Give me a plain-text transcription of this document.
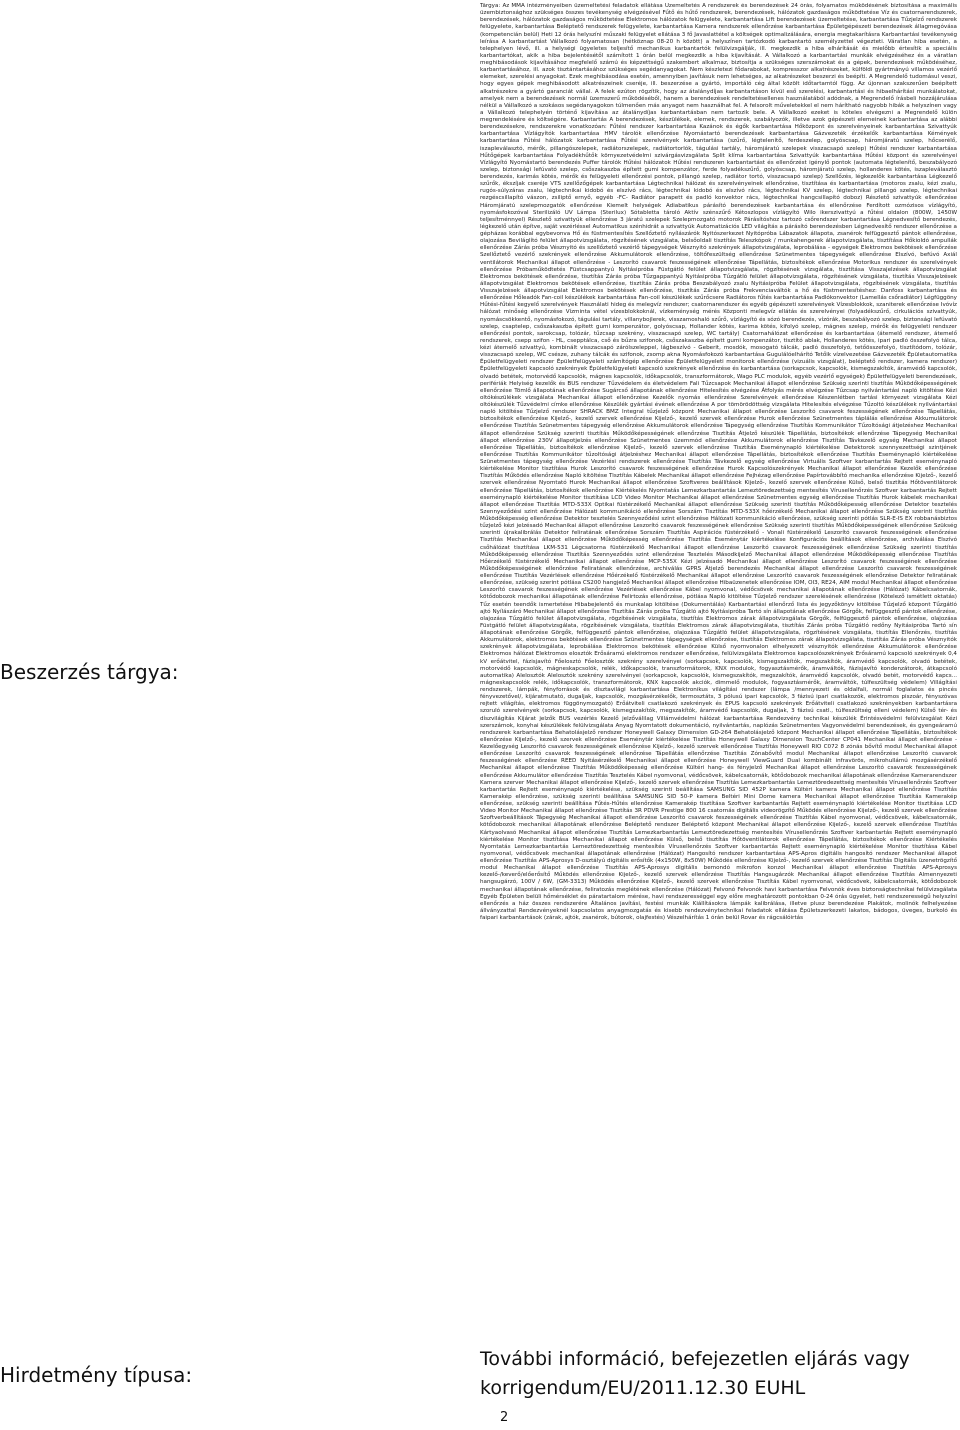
Beszerzés tárgya:
Tárgya: Az MMA intézményeiben üzemeltetési feladatok ellátása Üzemeltetés A rendszerek és berendezések 24 órás, folyamatos működésének biztosítása a maximális üzembiztonsághoz szükséges összes tevékenység elvégzésével Fűtő és hűtő rendszerek, berendezések, hálózatok gazdaságos működtetése Víz és csatornarendszerek, berendezések, hálózatok gazdaságos működtetése Elektromos hálózatok felügyelete, karbantartása Lift berendezések üzemeltetése, karbantartása Tűzjelző rendszerek felügyelete, karbantartása Beléptető rendszerek felügyelete, karbantartása Kamera rendszerek ellenőrzése karbantartása Épületgépészeti berendezések állagmegóvása (kompetencián belül) Heti 12 órás helyszíni műszaki felügyelet ellátása 3 fő Javaslattétel a költségek optimalizálására, energia megtakarításra Karbantartási tevékenység leírása A karbantartást Vállalkozó folyamatosan (hétköznap 08-20 h között) a helyszínen tartózkodó karbantartó személyzettel végezteti. Váratlan hiba esetén, a telephelyen lévő, ill. a helységi ügyeletes teljesítő mechanikus karbantartók felülvizsgálják, ill. megkezdik a hiba elhárítását és mielőbb értesítik a speciális karbantartókat, akik a hiba bejelentésétől számított 1 órán belül megkezdik a hiba kijavítását. A Vállalkozó a karbantartási munkák elvégzéséhez és a váratlan meghibásodások kijavításához megfelelő számú és képzettségű szakembert alkalmaz, biztosítja a szükséges szerszámokat és a gépek, berendezések működéséhez, karbantartásához, ill. azok tisztántartásához szükséges segédanyagokat. Nem készletezi fődarabokat, kompresszor alkatrészeket, külföldi gyártmányú villamos vezérlő elemeket, szerelési anyagokat. Ezek meghibásodása esetén, amennyiben javításuk nem lehetséges, az alkatrészeket beszerzi és beépíti. A Megrendelő tudomásul veszi, hogy egyes gépek meghibásodott alkatrészeinek cseréje, ill. beszerzése a gyártó, importáló cég által közölt időtartamtól függ. Az újonnan szakszerűen beépített alkatrészekre a gyártó garanciát vállal. A felek ezúton rögzítik, hogy az átalánydíjas karbantartáson kívül eső szerelési, karbantartási és hibaelhárítási munkálatokat, amelyek nem a berendezések normál üzemszerű működéséből, hanem a berendezések rendeltetésellenes használatából adódnak, a Megrendelő írásbeli hozzájárulása nélkül a Vállalkozó a szokásos segédanyagokon túlmenően más anyagot nem használhat fel. A felsorolt műveletekkel el nem hárítható nagyobb hibák a helyszínen vagy a Vállalkozó telephelyén történő kijavítása az átalánydíjas karbantartásban nem tartozik bele. A Vállalkozó ezeket is köteles elvégezni a Megrendelő külön megrendelésére és költségére. Karbantartás A berendezések, készülékek, elemek, rendszerek, szabályozók, illetve azok gépészeti elemeinek karbantartása az alábbi berendezésekre, rendszerekre vonatkozóan: Fűtési rendszer karbantartása Kazánok és égők karbantartása Hőközpont és szerelvényeinek karbantartása Szivattyúk karbantartása Vízlágyítók karbantartása HMV tárolók ellenőrzése Nyomástartó berendezések karbantartása Gázvezeték érzékelők karbantartása Kémények karbantartása Fűtési hálózatok karbantartása Fűtési szerelvények karbantartása (szűrő, légtelenítő, ferdeszelep, golyóscsap, háromjáratú szelep, hőcserélő, iszapleválasztó, mérők, pillangószelepek, radiátorszelepek, radiátortorlók, tágulási tartály, háromjáratú szelepek visszacsapó szelep) Hűtési rendszer karbantartása Hűtőgépek karbantartása Folyadékhűtők környezetvédelmi szivárgásvizsgálata Split klíma karbantartása Szivattyúk karbantartása Hűtési központ és szerelvényei Vízlágyító Nyomástartó berendezés Puffer tárolók Hűtési hálózatok Hűtési rendszeren karbantartást és ellenőrzést igénylő pontok (automata légtelenítő, beszabályozó szelep, biztonsági lefúvató szelep, csőszakaszba épített gumi kompenzátor, ferde folyadékszűrő, golyóscsap, háromjáratú szelep, hollanderes kötés, iszapleválasztó berendezés, karimás kötés, mérők és felügyeleti ellenőrzési pontok, pillangó szelep, radiátor tortó, visszacsapó szelep) Szellőzés, légkezelők karbantartása Légkezelő szűrők, ékszíjak cseréje VTS szellőzőgépek karbantartása Légtechnikai hálózat és szerelvényeinek ellenőrzése, tisztítása és karbantartása (motoros zsalu, kézi zsalu, rugós-súlyzáras zsalu, légtechnikai kidobó és elszívó rács, légtechnikai kidobó és elszívó rács, légtechnikai KV szelep, légtechnikai pillangó szelep, légtechnikai rezgéscsillapító vászon, zsiliptő ernyő, egyéb -FC- Radiátor parapett és padló konvektor rács, légtechnikai hangcsillapító doboz) Részlető szivattyúk ellenőrzése Háromjáratú szelepmozgatók ellenőrzése Kiemelt helységek Adiabatikus párásító berendezések karbantartása és ellenőrzése Ferdított ozmózisos vízlágyító, nyomásfokozóval Sterilizáló UV Lámpa (Sterilux) Sótabletta tároló Aktív szénszűrő Kétoszlopos vízlágyító Wilo ikerszivattyú a fűtési oldalon (800W, 1450W teljesítménnyel) Részlető szivattyúk ellenőrzése 3 járatú szelepek Szelepmozgató motorok Párásítóshoz tartozó csőrendszer karbantartása Légnedvesítő berendezés, légkezelő után építve, saját vezérléssel Automatikus szénhidrát a szivattyúk Automatizációs LED világítás a párásító berendezésben Légnedvesítő rendszer ellenőrzése a gépházas korábbal egybevonva Hő és füstmentesítés Szellőztető nyílászárók Nyitószerkezet Nyitópróba Lábazatok állapota, zsanérok felfüggesztő pántok ellenőrzése, olajozása Beviláglító felület állapotvizsgálata, rögzítésének vizsgálata, belsőoldali tisztítás Teleszkópok / munkahengerek állapotvizsgálata, tisztítása Hőkioldó ampullák ellenőrzése Zárás próba Vésznyitó és szellőztető vezérlő tápegységek Vésznyitó szekrények állapotvizsgálata, leprobálása - egységek Elektromos bekötések ellenőrzése Szellőztető vezérlő szekrények ellenőrzése Akkumulátorok ellenőrzése, töltőfeszültség ellenőrzése Szünetmentes tápegységek ellenőrzése Elszívó, befúvó Axiál ventilátorok Mechanikai állapot ellenőrzése - Leszorító csavarok feszességének ellenőrzése Tápellátás, biztosítékok ellenőrzése Motorikus rendszer és szerelvények ellenőrzése Próbaműködtetés Füstcsappantyú Nyitásipróba Füstgátló felület állapotvizsgálata, rögzítésének vizsgálata, tisztítása Visszajelzések állapotvizsgálat Elektromos bekötések ellenőrzése, tisztítás Zárás próba Tűzgappantyú Nyitásipróba Tűzgátló felület állapotvizsgálata, rögzítésének vizsgálata, tisztítás Visszajelzések állapotvizsgálat Elektromos bekötések ellenőrzése, tisztítás Zárás próba Beszabályozó zsalu Nyitásipróba Felület állapotvizsgálata, rögzítésének vizsgálata, tisztítás Visszajelzések állapotvizsgálat Elektromos bekötések ellenőrzése, tisztítás Zárás próba Frekvenciaváltók a hő és füstmentesítéshez: Danfoss karbantartása és ellenőrzése Hőleadók Fan-coil készülékek karbantartása Fan-coil készülékek szűrőcsere Radiátoros fűtés karbantartása Padlókonvektor (Lamellás csőradiátor) Légfüggöny Hűtési-fűtési kegyelő szerelvények Használati hideg és melegvíz rendszer; csatornarendszer és egyéb gépészeti szerelvények Vízesblokkok, szaniterek ellenőrzése Ivóvíz hálózat minőség ellenőrzése Vízminta vétel vízesblokkoknál, vízkeménység mérés Központi melegvíz ellátás és szerelvényei (folyadékszűrő, cirkulációs szivattyúk, nyomáscsökkentő, nyomásfokozó, tágulási tartály, villanybojlerek, visszamoshaló szűrő, vízlágyító és sózó berendezés, vízórák, beszabályozó szelep, biztonsági lefúvató szelep, csaptelep, csőszakaszba épített gumi kompenzátor, golyóscsap, Hollander kötés, karima kötés, kifolyó szelep, mágnes szelep, mérők és felügyeleti rendszer ellenőrzési pontok, sarokcsap, tolózár, tűzcsap szekrény, visszacsapó szelep, WC tartály) Csatornahálózat ellenőrzése és karbantartása (átemelő rendszer, átemelő rendszerek, csepp szifon - HL, csepptálca, cső és bűzra szifonok, csőszakaszba épített gumi kompenzátor, tisztító ablak, Hollanderes kötés, ipari padló összefolyó tálca, kézi átemelő szivattyú, kombinált visszacsapó zárólszeleppel, lágbeszívó - Geberit, mosdók, mosogató tálcák, padló összefolyó, tetőösszefolyó, tisztítódom, tolózár, visszacsapó szelep, WC csésze, zuhany tálcák és szifonok, zsomp akna Nyomásfokozó karbantartása Gugulálóelhárító Tetőik vízelvezetése Gázvezeték Épületautomatika Épületfelügyeleti rendszer Épületfelügyeleti számítógép ellenőrzése Épületfelügyeleti monitorok ellenőrzése (vizuális vizsgálat), beléptető rendszer, kamera rendszer) Épületfelügyeleti kapcsoló szekrények Épületfelügyeleti kapcsoló szekrények ellenőrzése és karbantartása (sorkapcsok, kapcsolók, kismegszakítók, áramvédő kapcsolók, olvadó betétek, motorvédő kapcsolók, mágnes kapcsolók, időkapcsolók, transzformátorok, Wago PLC modulok, egyéb vezérlő egységek) Épületfelügyeleti berendezések, perifériák Helyiség kezelők és BUS rendszer Tűzvédelem és életvédelem Fali Tűzcsapok Mechanikai állapot ellenőrzése Szükség szerinti tisztítás Működőképességének ellenőrzése Tömlő állapotának ellenőrzése Sugárcső állapotának ellenőrzése Hitelesítés elvégzése Átfolyás mérés elvégzése Tűzcsap nyilvántartási napló kitöltése Kézi oltókészülékek vizsgálata Mechanikai állapot ellenőrzése Kezelők nyomás ellenőrzése Szerelvények ellenőrzése Készenlétben tartási környezet vizsgálata Kézi oltókészülék Tűzvédelmi címke ellenőrzése Készülék gyártási évének ellenőrzése A por tömörödöttség vizsgálata Hitelesítés elvégzése Tűzoltó készülékek nyilvántartási napló kitöltése Tűzjelző rendszer SHRACK BMZ Integral tűzjelző központ Mechanikai állapot ellenőrzése Leszorító csavarok feszességének ellenőrzése Tápellátás, biztosítékok ellenőrzése Kijelző-, kezelő szervek ellenőrzése Kijelző-, kezelő szervek ellenőrzése Hurok ellenőrzése Szünetmentes táplálás ellenőrzése Akkumulátorok ellenőrzése Tisztítás Szünetmentes tápegység ellenőrzése Akkumulátorok ellenőrzése Tápegység ellenőrzése Tisztítás Kommunikátor Tűzoltósági átjelzéshez Mechanikai állapot ellenőrzése Szükség szerinti tisztítás Működőképességének ellenőrzése Tisztítás Átjelző készülék Tápellátás, biztosítékok ellenőrzése Tápegység Mechanikai állapot ellenőrzése 230V állapotjelzés ellenőrzése Szünetmentes üzemmód ellenőrzése Akkumulátorok ellenőrzése Tisztítás Távkezelő egység Mechanikai állapot ellenőrzése Tápellátás, biztosítékok ellenőrzése Kijelző-, kezelő szervek ellenőrzése Tisztítás Eseménynapló kiértékelése Detektorok szennyezettségi szintjének ellenőrzése Tisztítás Kommunikátor tűzoltósági átjelzéshez Mechanikai állapot ellenőrzése Tápellátás, biztosítékok ellenőrzése Tisztítás Eseménynapló kiértékelése Szünetmentes tápegység ellenőrzése Vezérlési rendszerek ellenőrzése Tisztítás Távkezelő egység ellenőrzése Virtuális Szoftver karbantartás Rejtett eseménynapló kiértékelése Monitor tisztítása Hurok Leszorító csavarok feszességének ellenőrzése Hurok Kapcsolószekrények Mechanikai állapot ellenőrzése Kezelők ellenőrzése Tisztítás Működés ellenőrzése Napló kitöltése Tisztítás Kábelek Mechanikai állapot ellenőrzése Fejhézag ellenőrzése Papírtovábbító mechanika ellenőrzése Kijelző-, kezelő szervek ellenőrzése Nyomtató Hurok Mechanikai állapot ellenőrzése Szoftveres beállítások Kijelző-, kezelő szervek ellenőrzése Külső, belső tisztítás Hőtöventilátorok ellenőrzése Tápellátás, biztosítékok ellenőrzése Kiértékelés Nyomtatás Lemezkarbantartás Lemeztöredezettség mentesítés Vírusellenőrzés Szoftver karbantartás Rejtett eseménynapló kiértékelése Monitor tisztítása LCD Video Monitor Mechanikai állapot ellenőrzése Szünetmentes egység ellenőrzése Tisztítás Hurok kábelek mechanikai állapot ellenőrzése Tisztítás MTD-533X Optikai füstérzékelő Mechanikai állapot ellenőrzése Szükség szerinti tisztítás Működőképesség ellenőrzése Detektor tesztelés Szennyeződési szint ellenőrzése Hálózati kommunikáció ellenőrzése Sorszám Tisztítás MTD-533X hőérzékelő Mechanikai állapot ellenőrzése Szükség szerinti tisztítás Működőképesség ellenőrzése Detektor tesztelés Szennyeződési szint ellenőrzése Hálózati kommunikáció ellenőrzése, szükség szerinti pótlás SLR-E-IS EX robbanásbiztos tűzjelző kézi jelzésadó Mechanikai állapot ellenőrzése Leszorító csavarok feszességének ellenőrzése Szükség szerinti tisztítás Működőképességének ellenőrzése Szükség szerinti újrakalibrálás Detektor feliratának ellenőrzése Sorszám Tisztítás Aspirációs füstérzékelő - Vonali füstérzékelő Leszorító csavarok feszességének ellenőrzése Tisztítás Mechanikai állapot ellenőrzése Működőképesség ellenőrzése Tisztítás Eseménytár kiértékelése Konfigurációs beállítások ellenőrzése, archiválása Elszívó csőhálózat tisztítása LKM-531 Légcsatorna füstérzékelő Mechanikai állapot ellenőrzése Leszorító csavarok feszességének ellenőrzése Szükség szerinti tisztítás Működőképesség ellenőrzése Tisztítás Szennyeződés szint ellenőrzése Tesztelés Másodkijelző Mechanikai állapot ellenőrzése Működőképesség ellenőrzése Tisztítás Hőérzékelő füstérzékelő Mechanikai állapot ellenőrzése MCP-535X Kézi jelzésadó Mechanikai állapot ellenőrzése Leszorító csavarok feszességének ellenőrzése Működőképességének ellenőrzése Feliratának ellenőrzése, archiválás GPRS Átjelző berendezés Mechanikai állapot ellenőrzése Leszorító csavarok feszességének ellenőrzése Tisztítás Vezérlések ellenőrzése Hőérzékelő füstérzékelő Mechanikai állapot ellenőrzése Leszorító csavarok feszességének ellenőrzése Detektor feliratának ellenőrzése, szükség szerint pótlása CS200 hangjelző Mechanikai állapot ellenőrzése Hibaüzenetek ellenőrzése IOM, OI3, RE24, AIM modul Mechanikai állapot ellenőrzése Leszorító csavarok feszességének ellenőrzése Vezérlések ellenőrzése Kábel nyomvonal, védőcsövek mechanikai állapotának ellenőrzése (Hálózat) Kábelcsatornák, kötődobozok mechanikai állapotának ellenőrzése Felirtozás ellenőrzése, pótlása Napló kitöltése Tűzjelző rendszer szerelésének ellenőrzése (Kötelező ismétlett oktatás) Tűz esetén teendők ismertetése Hibabejelentő és munkalap kitöltése (Dokumentálás) Karbantartási ellenőrző lista és jegyzőkönyv kitöltése Tűzjelző központ Tűzgátló ajtó Nyílászáró Mechanikai állapot ellenőrzése Tisztítás Zárás próba Tűzgátló ajtó Nyitásipróba Tartó sín állapotának ellenőrzése Görgők, felfüggesztő pántok ellenőrzése, olajozása Tűzgátló felület állapotvizsgálata, rögzítésének vizsgálata, tisztítás Elektromos zárak állapotvizsgálata Görgők, felfüggesztő pántok ellenőrzése, olajozása Füstgátló felület állapotvizsgálata, rögzítésének vizsgálata, tisztítás Elektromos zárak állapotvizsgálata, tisztítás Zárás próba Tűzgátló redőny Nyitásipróba Tartó sín állapotának ellenőrzése Görgők, felfüggesztő pántok ellenőrzése, olajozása Tűzgátló felület állapotvizsgálata, rögzítésének vizsgálata, tisztítás Ellenőrzés, tisztítás Akkumulátorok, elektromos bekötések ellenőrzése Szünetmentes tápegységek ellenőrzése, tisztítás Elektromos zárak állapotvizsgálata, tisztítás Zárás próba Vésznyitók szekrények állapotvizsgálata, leprobálása Elektromos bekötések ellenőrzése Külső nyomvonalon elhelyezett vésznyitók ellenőrzése Akkumulátorok ellenőrzése Elektromos hálózat Elektromos elosztók Erősáramú elektromos rendszer ellenőrzése, felülvizsgálata Elektromos kapcsolószekrények Erősáramú kapcsoló szekrények 0,4 kV erőátvitel, fázisjavító Főelosztó Főelosztók szekrény szerelvényei (sorkapcsok, kapcsolók, kismegszakítók, megszakítók, áramvédő kapcsolók, olvadó betétek, motorvédő kapcsolók, mágneskapcsolók, relék, időkapcsolók, transzformátorok, KNX modulok, fogyasztásmérők, áramváltók, fázisjavító kondenzátorok, átkapcsoló automatika) Alelosztók Alelosztók szekrény szerelvényei (sorkapcsok, kapcsolók, kismegszakítók, megszakítók, áramvédő kapcsolók, olvadó betét, motorvédő kapcs... mágneskapcsolók relék, időkapcsolók, transzformátorok, KNX kapcsolók akciók, dimmelő modulok, fogyasztásmérők, áramváltók, túlfeszültség védelem) Villágítási rendszerek, lámpák, fényforrások és dísztavilági karbantartása Elektronikus világítási rendszer (lámpa /mennyezeti és oldalfali, normál foglalatos és pincés fényvezetővel/, kijáratmutató, dugaljak, kapcsolók, mozgásérzékelők, termosztáts, 3 pólusú ipari kapcsolók, 3 fázisú ipari csatlakozók, elektromos piszoár, fényszóvas rejtett világítás, elektromos függönymozgató) Erőátviteli csatlakozó szekrények és EPUS kapcsoló szekrények Erőátviteli csatlakozó szekrényekben karbantartásra szoruló szerelvények (sorkapcsok, kapcsolók, kismegszakítók, megszakítók, áramvédő kapcsolók, dugaljak, 3 fázisú csatl., túlfeszültség elleni védelem) Külső tér- és díszvilágítás Kijárat jelzők BUS vezérlés Kezelő jelzőválilag Villámvédelmi hálózat karbantartása Rendezvény technikai készülék Érintésvédelmi felülvizsgálat Kézi szerszámok, konyhai készülékek felülvizsgálata Anyag Nyomtatott dokumentáció, nyilvántartás, naplózás Szünetmentes Vagyonvédelmi berendezések, és gyengeáramú rendszerek karbantartása Behatolásjelző rendszer Honeywell Galaxy Dimension GD-264 Behatolásjelző központ Mechanikai állapot ellenőrzése Tápellátás, biztosítékok ellenőrzése Kijelző-, kezelő szervek ellenőrzése Eseménytár kiértékelése Tisztítás Honeywell Galaxy Dimension TouchCenter CP041 Mechanikai állapot ellenőrzése - Kezelőegység Leszorító csavarok feszességének ellenőrzése Kijelző-, kezelő szervek ellenőrzése Tisztítás Honeywell RIO C072 8 zónás bővítő modul Mechanikai állapot ellenőrzése Leszorító csavarok feszességének ellenőrzése Tápellátás ellenőrzése Tisztítás Zónabővítő modul Mechanikai állapot ellenőrzése Leszorító csavarok feszességének ellenőrzése REED Nyitásérzékelő Mechanikai állapot ellenőrzése Honeywell ViewGuard Dual kombinált infravörös, mikrohullámú mozgásérzékelő Mechanikai állapot ellenőrzése Tisztítás Működőképesség ellenőrzése Kültéri hang- és fényjelző Mechanikai állapot ellenőrzése Leszorító csavarok feszességének ellenőrzése Akkumulátor ellenőrzése Tisztítás Tesztelés Kábel nyomvonal, védőcsövek, kábelcsatornák, kötődobozok mechanikai állapotának ellenőrzése Kamerarendszer Kamera szerver Mechanikai állapot ellenőrzése Kijelző-, kezelő szervek ellenőrzése Tisztítás Lemezkarbantartás Lemeztöredezettség mentesítés Vírusellenőrzés Szoftver karbantartás Rejtett eseménynapló kiértékelése, szükség szerinti beállítása SAMSUNG SID 452P kamera Kültéri kamera Mechanikai állapot ellenőrzése Tisztítás Kamerakép ellenőrzése, szükség szerinti beállítása SAMSUNG SID 50-P kamera Beltéri Mini Dome kamera Mechanikai állapot ellenőrzése Tisztítás Kamerakép ellenőrzése, szükség szerinti beállítása Fűtés-Hűtés ellenőrzése Kamerakép tisztítása Szoftver karbantartás Rejtett eseménynapló kiértékelése Monitor tisztítása LCD Video Monitor Mechanikai állapot ellenőrzése Tisztítás 3R PDVR Prestige 800 16 csatornás digitális videorögzítő Működés ellenőrzése Kijelző-, kezelő szervek ellenőrzése Szoftverbeállítások Tápegység Mechanikai állapot ellenőrzése Leszorító csavarok feszességének ellenőrzése Tisztítás Kábel nyomvonal, védőcsövek, kábelcsatornák, kötődobozok mechanikai állapotának ellenőrzése Beléptető rendszer Beléptető központ Mechanikai állapot ellenőrzése Kijelző-, kezelő szervek ellenőrzése Tisztítás Kártyaolvasó Mechanikai állapot ellenőrzése Tisztítás Lemezkarbantartás Lemeztöredezettség mentesítés Vírusellenőrzés Szoftver karbantartás Rejtett eseménynapló kiértékelése Monitor tisztítása Mechanikai állapot ellenőrzése Külső, belső tisztítás Hőtöventilátorok ellenőrzése Tápellátás, biztosítékok ellenőrzése Kiértékelés Nyomtatás Lemezkarbantartás Lemeztöredezettség mentesítés Vírusellenőrzés Szoftver karbantartás Rejtett eseménynapló kiértékelése Monitor tisztítása Kábel nyomvonal, védőcsövek mechanikai állapotának ellenőrzése (Hálózat) Hangosító rendszer karbantartása APS-Apros digitális hangosító rendszer Mechanikai állapot ellenőrzése Tisztítás APS-Aprosys D-osztályú digitális erősítők (4x150W, 8x50W) Működés ellenőrzése Kijelző-, kezelő szervek ellenőrzése Tisztítás Digitális üzenetrögzítő modul Mechanikai állapot ellenőrzése Tisztítás APS-Aprosys digitális bemondó mikrofon konzol Mechanikai állapot ellenőrzése Tisztítás APS-Aprosys kezelő-/keverő/előerősítő Működés ellenőrzése Kijelző-, kezelő szervek ellenőrzése Tisztítás Hangsugárzók Mechanikai állapot ellenőrzése Tisztítás Almennyezeti hangsugárzó, 100V / 6W, (GM-3313) Működés ellenőrzése Kijelző-, kezelő szervek ellenőrzése Tisztítás Kábel nyomvonal, védőcsövek, kábelcsatornák, kötődobozok mechanikai állapotának ellenőrzése, feliratozás meglétének ellenőrzése (Hálózat) Felvonó Felvonók havi karbantartása Felvonók éves biztonságtechnikai felülvizsgálata Egyéb Épületen belüli hőmérséklet és páratartalom mérése, havi rendszerességgel egy előre meghatározott pontokban 0-24 órás ügyelet, heti rendszerességű helyszíni ellenőrzés a ház összes rendszerére Általános javítási, festési munkák Kiállításokra lámpák kalibrálása, illetve plusz berendezése Plakátok, molinók felhelyezése állványzattal Rendezvényeknél kapcsolatos anyagmozgatás és kisebb rendezvénytechnikai feladatok ellátása Épületszerkezeti lakatos, bádogos, üveges, burkoló és faipari karbantartások (zárak, ajtók, zsanérok, bútorok, olajfestés) Vészelhárítás 1 órán belül Rovar és rágcsálóirtás
Hirdetmény típusa:
További információ, befejezetlen eljárás vagy korrigendum/EU/2011.12.30 EUHL
2
